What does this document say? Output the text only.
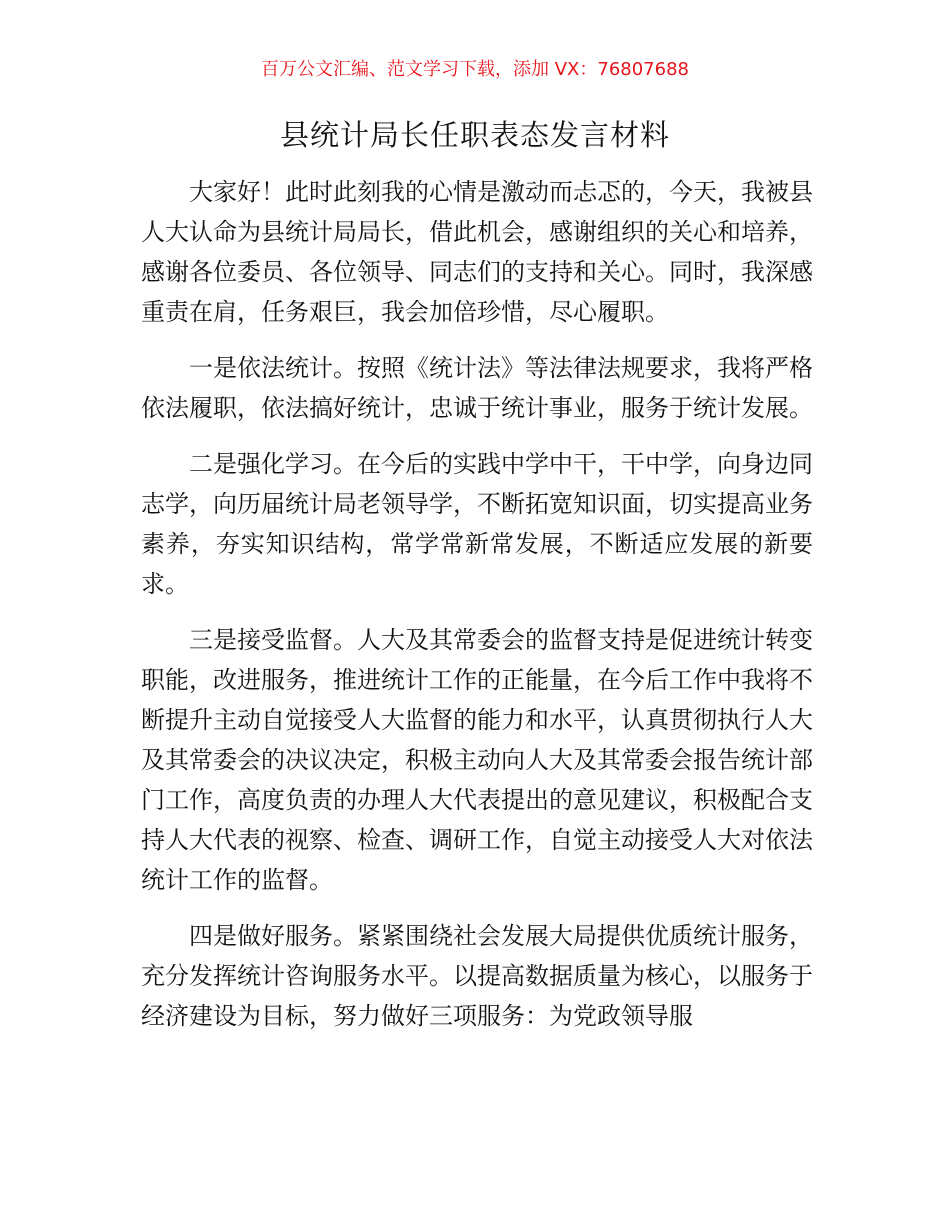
百万公文汇编、范文学习下载，添加 VX：76807688
县统计局长任职表态发言材料

大家好！此时此刻我的心情是激动而忐忑的，今天，我被县人大认命为县统计局局长，借此机会，感谢组织的关心和培养，感谢各位委员、各位领导、同志们的支持和关心。同时，我深感重责在肩，任务艰巨，我会加倍珍惜，尽心履职。

一是依法统计。按照《统计法》等法律法规要求，我将严格依法履职，依法搞好统计，忠诚于统计事业，服务于统计发展。

二是强化学习。在今后的实践中学中干，干中学，向身边同志学，向历届统计局老领导学，不断拓宽知识面，切实提高业务素养，夯实知识结构，常学常新常发展，不断适应发展的新要求。

三是接受监督。人大及其常委会的监督支持是促进统计转变职能，改进服务，推进统计工作的正能量，在今后工作中我将不断提升主动自觉接受人大监督的能力和水平，认真贯彻执行人大及其常委会的决议决定，积极主动向人大及其常委会报告统计部门工作，高度负责的办理人大代表提出的意见建议，积极配合支持人大代表的视察、检查、调研工作，自觉主动接受人大对依法统计工作的监督。

四是做好服务。紧紧围绕社会发展大局提供优质统计服务，充分发挥统计咨询服务水平。以提高数据质量为核心，以服务于经济建设为目标，努力做好三项服务：为党政领导服
